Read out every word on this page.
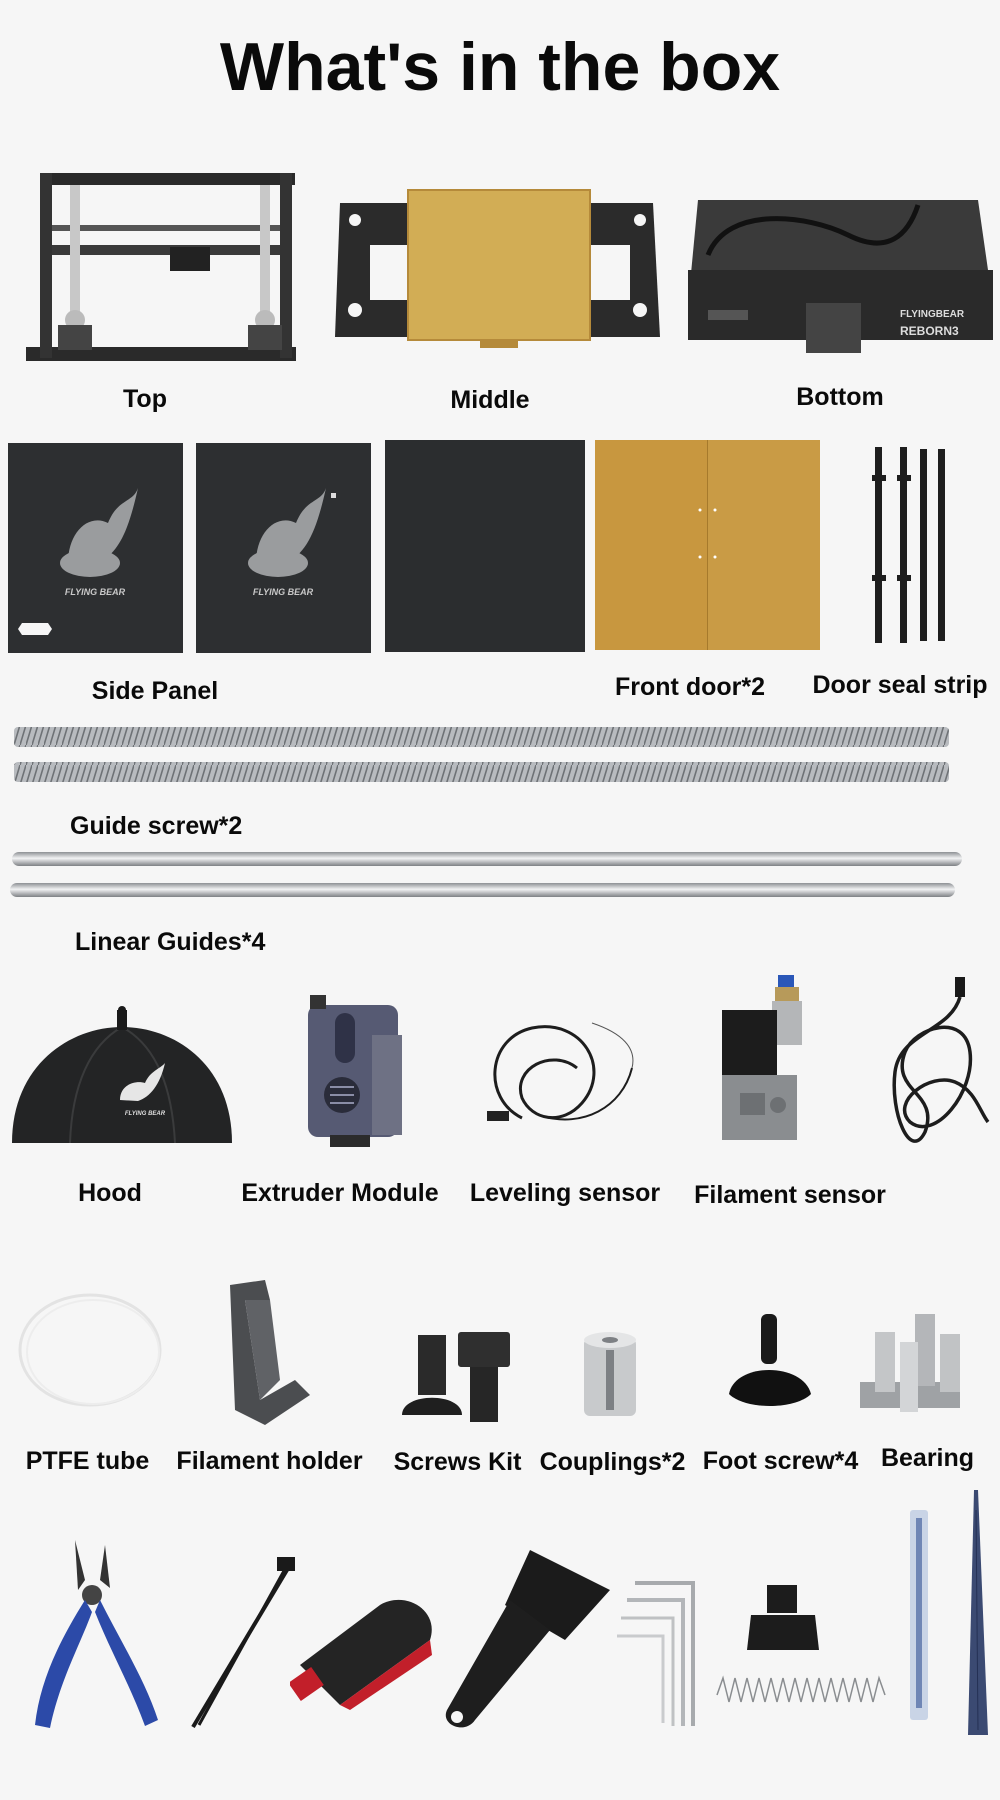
What's in the box
Top	Middle
FLYINGBEAR
REBORN3
Bottom
FLYING BEAR	FLYING BEAR
Side Panel	Front door*2	Door seal strip
Guide screw*2
Linear Guides*4
FLYING BEAR
Hood	Extruder Module Leveling sensor Filament sensor
PTFE tube	Filament holder	Screws Kit Couplings*2 Foot screw*4 Bearing
